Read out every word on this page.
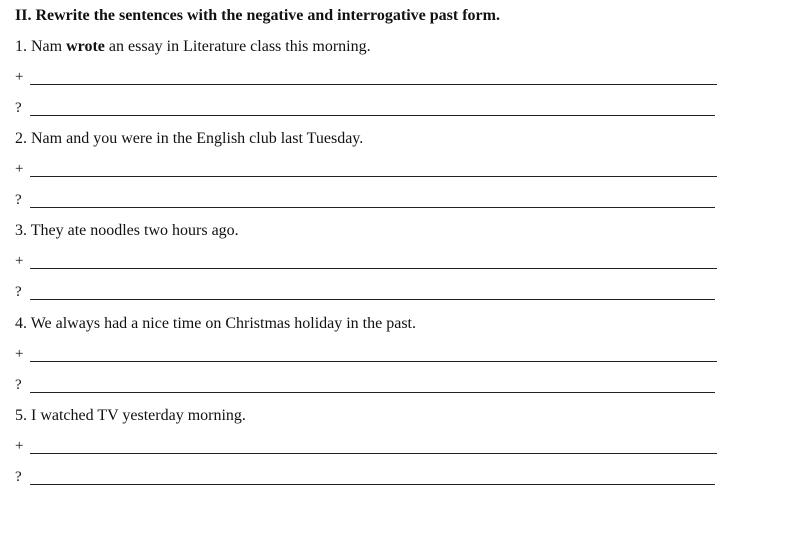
II. Rewrite the sentences with the negative and interrogative past form.
1. Nam wrote an essay in Literature class this morning.
+
?
2. Nam and you were in the English club last Tuesday.
+
?
3. They ate noodles two hours ago.
+
?
4. We always had a nice time on Christmas holiday in the past.
+
?
5. I watched TV yesterday morning.
+
?
